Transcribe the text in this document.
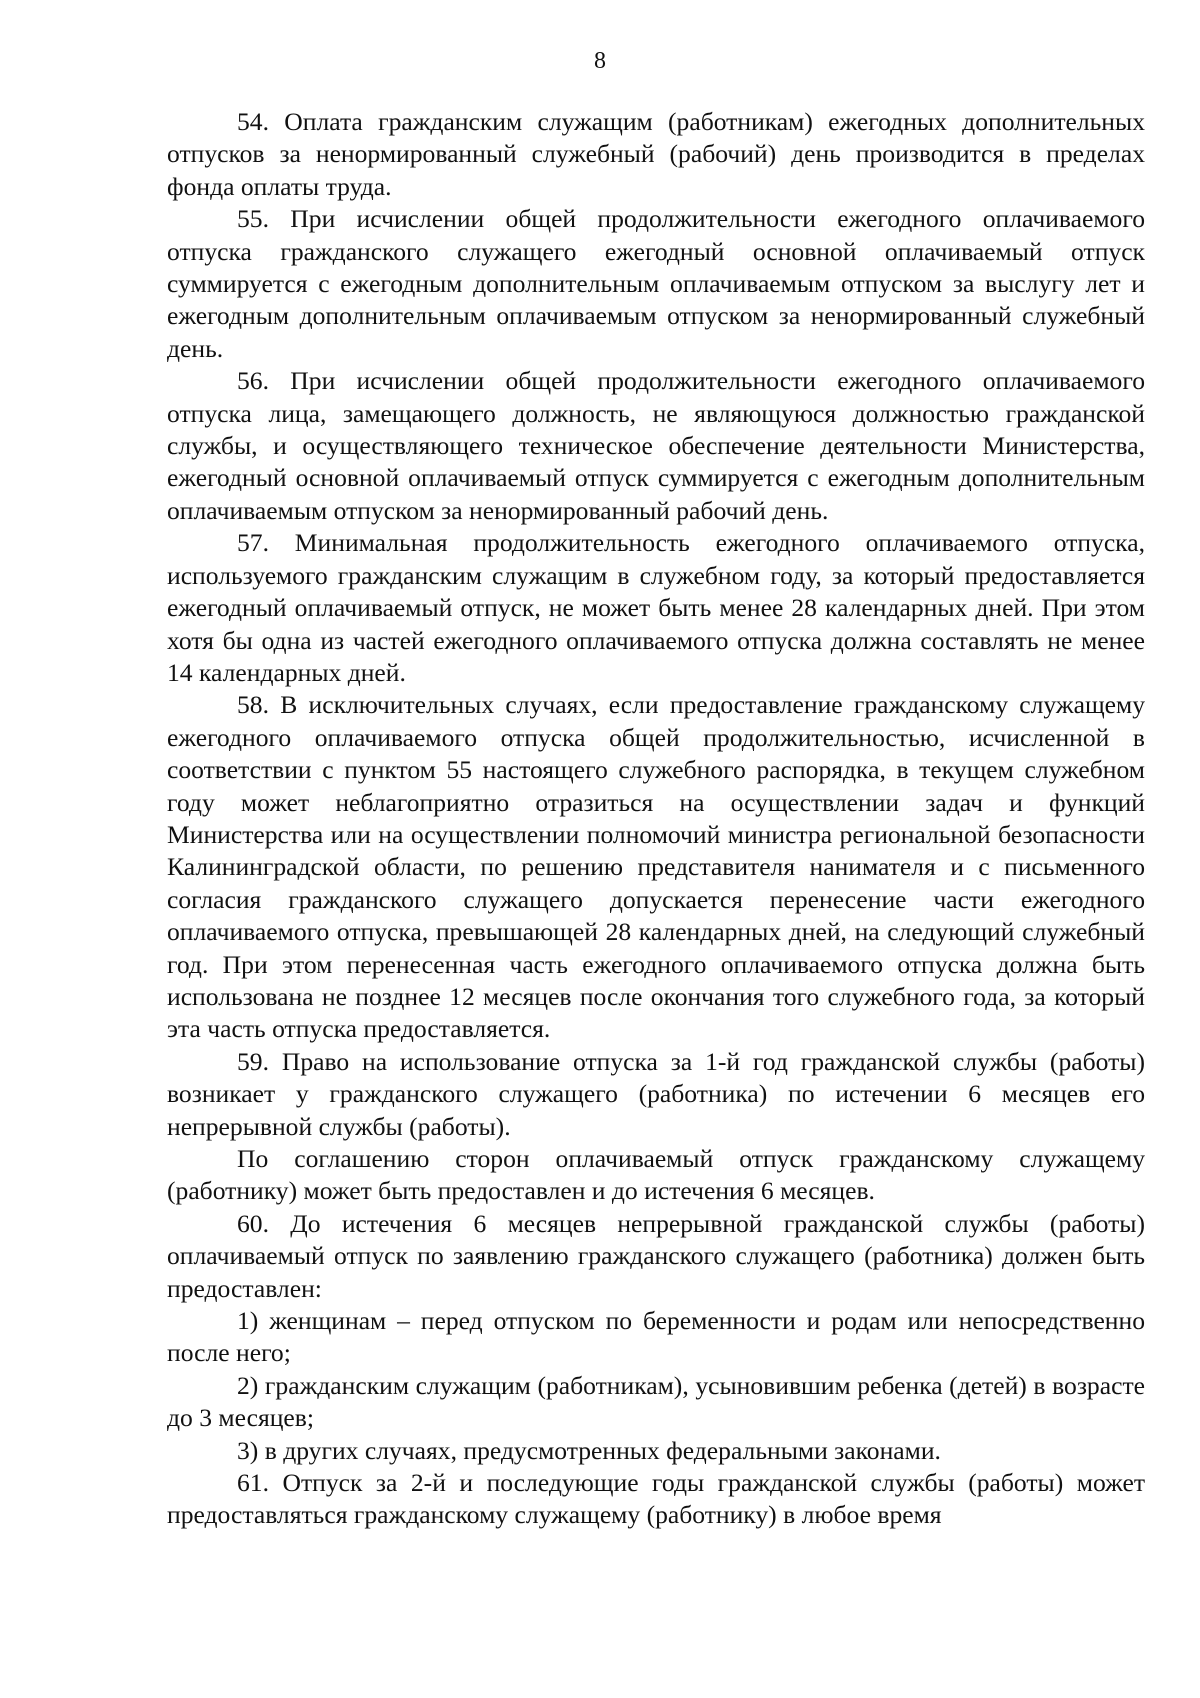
8

54. Оплата гражданским служащим (работникам) ежегодных дополнительных отпусков за ненормированный служебный (рабочий) день производится в пределах фонда оплаты труда.

55. При исчислении общей продолжительности ежегодного оплачиваемого отпуска гражданского служащего ежегодный основной оплачиваемый отпуск суммируется с ежегодным дополнительным оплачиваемым отпуском за выслугу лет и ежегодным дополнительным оплачиваемым отпуском за ненормированный служебный день.

56. При исчислении общей продолжительности ежегодного оплачиваемого отпуска лица, замещающего должность, не являющуюся должностью гражданской службы, и осуществляющего техническое обеспечение деятельности Министерства, ежегодный основной оплачиваемый отпуск суммируется с ежегодным дополнительным оплачиваемым отпуском за ненормированный рабочий день.

57. Минимальная продолжительность ежегодного оплачиваемого отпуска, используемого гражданским служащим в служебном году, за который предоставляется ежегодный оплачиваемый отпуск, не может быть менее 28 календарных дней. При этом хотя бы одна из частей ежегодного оплачиваемого отпуска должна составлять не менее 14 календарных дней.

58. В исключительных случаях, если предоставление гражданскому служащему ежегодного оплачиваемого отпуска общей продолжительностью, исчисленной в соответствии с пунктом 55 настоящего служебного распорядка, в текущем служебном году может неблагоприятно отразиться на осуществлении задач и функций Министерства или на осуществлении полномочий министра региональной безопасности Калининградской области, по решению представителя нанимателя и с письменного согласия гражданского служащего допускается перенесение части ежегодного оплачиваемого отпуска, превышающей 28 календарных дней, на следующий служебный год. При этом перенесенная часть ежегодного оплачиваемого отпуска должна быть использована не позднее 12 месяцев после окончания того служебного года, за который эта часть отпуска предоставляется.

59. Право на использование отпуска за 1-й год гражданской службы (работы) возникает у гражданского служащего (работника) по истечении 6 месяцев его непрерывной службы (работы).

По соглашению сторон оплачиваемый отпуск гражданскому служащему (работнику) может быть предоставлен и до истечения 6 месяцев.

60. До истечения 6 месяцев непрерывной гражданской службы (работы) оплачиваемый отпуск по заявлению гражданского служащего (работника) должен быть предоставлен:

1) женщинам – перед отпуском по беременности и родам или непосредственно после него;

2) гражданским служащим (работникам), усыновившим ребенка (детей) в возрасте до 3 месяцев;

3) в других случаях, предусмотренных федеральными законами.

61. Отпуск за 2-й и последующие годы гражданской службы (работы) может предоставляться гражданскому служащему (работнику) в любое время
